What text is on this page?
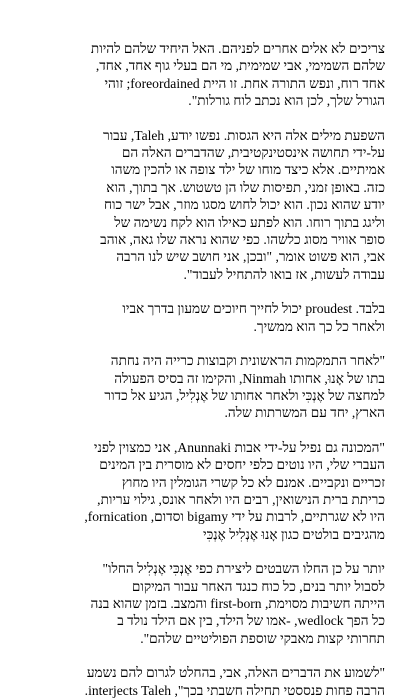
צריכים לא אלים אחרים לפניהם. האל היחיד שלהם להיות
שלהם השמימי, אבי שמימית, מי הם בעלי גוף אחד, אחד,
אחד רוח, ונפש התורה אחת. זו היית foreordained; זוהי
הגורל שלך, לכן הוא נכתב לוח גורלות".
השפעת מילים אלה היא הגסות. נפשו יודע, Taleh, עבור
על-ידי תחושה אינסטינקטיבית, שהדברים האלה הם
אמיתיים. אלא כיצד מוחו של ילד צופה או להכין משהו
כזה. באופן זמני, תפיסות שלו הן טשטוש. אך בתוך, הוא
יודע שהוא נכון. הוא יכול לחוש מסגו מוזר, אבל ישר כוח
וליגג בתוך רוחו. הוא לפתע כאילו הוא לקח נשימה של
סופר אוויר מסוג כלשהו. כפי שהוא נראה שלו גאה, אוהב
אבי, הוא פשוט אומר, "ובכן, אני חושב שיש לנו הרבה
עבודה לעשות, אז בואו להתחיל לעבוד".
בלבד. proudest יכול לחייך חיוכים שמעון בדרך אביו
ולאחר כל כך הוא ממשיך.
"לאחר התמקמות הראשונית וקבוצות כרייה היה נחתה
בתו של אָנוּ, אחותו Ninmah, והקימו זה בסיס הפעולה
למחצה של אֶנְכִּי ולאחר אחותו של אֶנְלִיל, הגיע אל כדור
הארץ, יחד עם המשרתות שלה.
"המכונה גם נפיל על-ידי אבות Anunnaki, אני כמצוין לפני
העברי שלי, היו נוטים כלפי יחסים לא מוסרית בין המינים
זכריים ונקביים. אמנם לא כל קשרי הגומלין היו מחוץ
כריתת ברית הנישואין, רבים היו ולאחר אונס, גילוי עריות,
היו לא שגרתיים, לרבות על ידי bigamy וסדום, fornication,
מהגיבים בולטים כגון אָנוּ אֶנְלִיל אֶנְכִּי
יותר על כן החלו השבטים ליצירת כפי אֶנְכִּי אֶנְלִיל החלו"
לסבול יותר בנים, כל כוח כנגד האחר עבור המיקום
הייתה חשיבות מסוימת, first-born והמצב. בזמן שהוא בנה
כל הפך wedlock, -אמו של הילד, בין אם הילד נולד ב
תחרותי קצות מאבקי שוספת הפוליטיים שלהם".
"לשמוע את הדברים האלה, אבי, בהחלט לגרום להם נשמע
הרבה פחות פנססטי תחילה חשבתי בכך", interjects Taleh.
